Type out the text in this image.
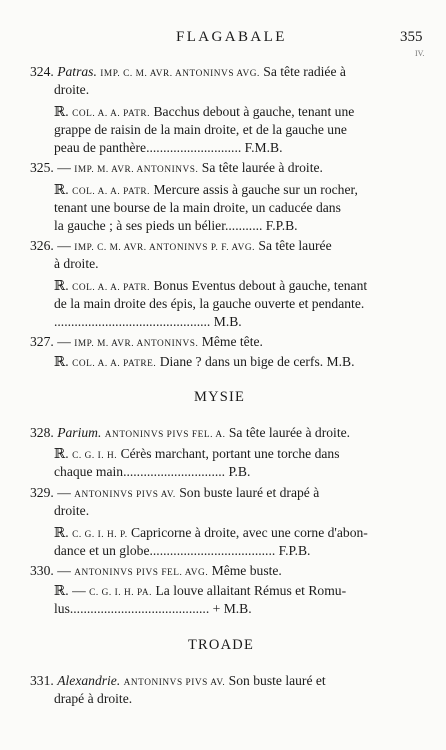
FLAGABALE	355
IV.
324. Patras. IMP. C. M. AVR. ANTONINVS AVG. Sa tête radiée à
droite.
ℝ. COL. A. A. PATR. Bacchus debout à gauche, tenant une
grappe de raisin de la main droite, et de la gauche une
peau de panthère............................ F.M.B.
325. — IMP. M. AVR. ANTONINVS. Sa tête laurée à droite.
ℝ. COL. A. A. PATR. Mercure assis à gauche sur un rocher,
tenant une bourse de la main droite, un caducée dans
la gauche ; à ses pieds un bélier........... F.P.B.
326. — IMP. C. M. AVR. ANTONINVS P. F. AVG. Sa tête laurée
à droite.
ℝ. COL. A. A. PATR. Bonus Eventus debout à gauche, tenant
de la main droite des épis, la gauche ouverte et pendante.
.............................................. M.B.
327. — IMP. M. AVR. ANTONINVS. Même tête.
ℝ. COL. A. A. PATRE. Diane ? dans un bige de cerfs. M.B.
MYSIE
328. Parium. ANTONINVS PIVS FEL. A. Sa tête laurée à droite.
ℝ. C. G. I. H. Cérès marchant, portant une torche dans
chaque main.............................. P.B.
329. — ANTONINVS PIVS AV. Son buste lauré et drapé à
droite.
ℝ. C. G. I. H. P. Capricorne à droite, avec une corne d'abon-
dance et un globe..................................... F.P.B.
330. — ANTONINVS PIVS FEL. AVG. Même buste.
ℝ. — C. G. I. H. PA. La louve allaitant Rémus et Romu-
lus......................................... + M.B.
TROADE
331. Alexandrie. ANTONINVS PIVS AV. Son buste lauré et
drapé à droite.
